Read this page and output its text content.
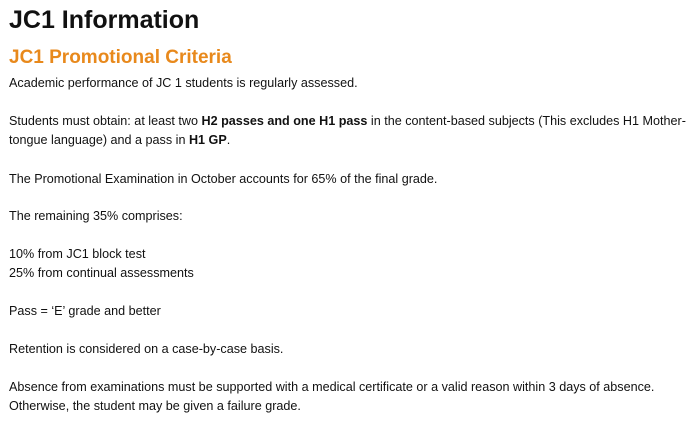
JC1 Information
JC1 Promotional Criteria

Academic performance of JC 1 students is regularly assessed.

Students must obtain: at least two H2 passes and one H1 pass in the content-based subjects (This excludes H1 Mother-
tongue language) and a pass in H1 GP.

The Promotional Examination in October accounts for 65% of the final grade.

The remaining 35% comprises:

10% from JC1 block test
25% from continual assessments

Pass = ‘E’ grade and better

Retention is considered on a case-by-case basis.

Absence from examinations must be supported with a medical certificate or a valid reason within 3 days of absence.
Otherwise, the student may be given a failure grade.
